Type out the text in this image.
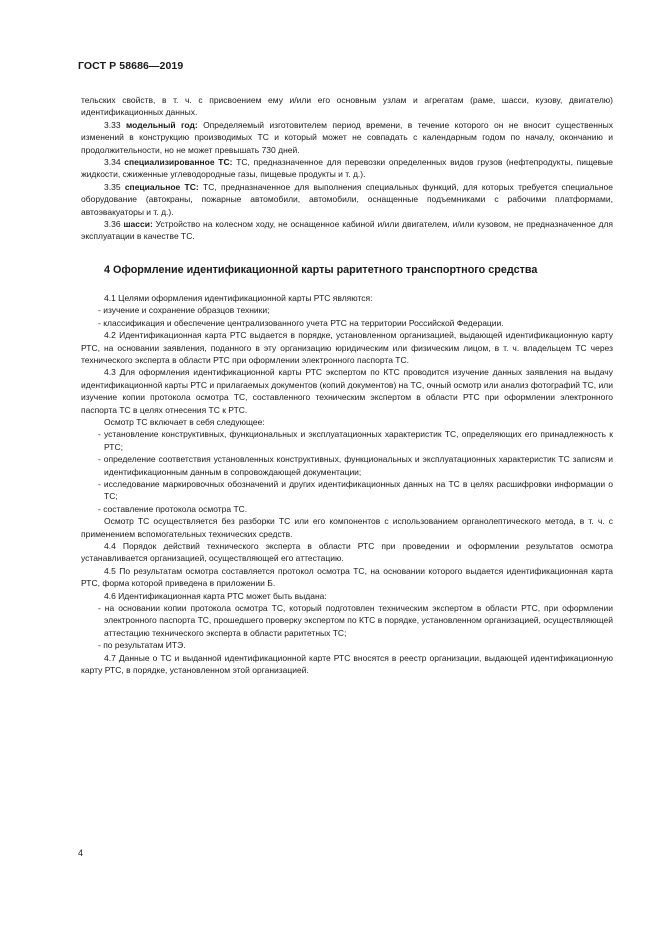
ГОСТ Р 58686—2019
тельских свойств, в т. ч. с присвоением ему и/или его основным узлам и агрегатам (раме, шасси, кузову, двигателю) идентификационных данных.
3.33 модельный год: Определяемый изготовителем период времени, в течение которого он не вносит существенных изменений в конструкцию производимых ТС и который может не совпадать с календарным годом по началу, окончанию и продолжительности, но не может превышать 730 дней.
3.34 специализированное ТС: ТС, предназначенное для перевозки определенных видов грузов (нефтепродукты, пищевые жидкости, сжиженные углеводородные газы, пищевые продукты и т. д.).
3.35 специальное ТС: ТС, предназначенное для выполнения специальных функций, для которых требуется специальное оборудование (автокраны, пожарные автомобили, автомобили, оснащенные подъемниками с рабочими платформами, автоэвакуаторы и т. д.).
3.36 шасси: Устройство на колесном ходу, не оснащенное кабиной и/или двигателем, и/или кузовом, не предназначенное для эксплуатации в качестве ТС.
4 Оформление идентификационной карты раритетного транспортного средства
4.1 Целями оформления идентификационной карты РТС являются:
- изучение и сохранение образцов техники;
- классификация и обеспечение централизованного учета РТС на территории Российской Федерации.
4.2 Идентификационная карта РТС выдается в порядке, установленном организацией, выдающей идентификационную карту РТС, на основании заявления, поданного в эту организацию юридическим или физическим лицом, в т. ч. владельцем ТС через технического эксперта в области РТС при оформлении электронного паспорта ТС.
4.3 Для оформления идентификационной карты РТС экспертом по КТС проводится изучение данных заявления на выдачу идентификационной карты РТС и прилагаемых документов (копий документов) на ТС, очный осмотр или анализ фотографий ТС, или изучение копии протокола осмотра ТС, составленного техническим экспертом в области РТС при оформлении электронного паспорта ТС в целях отнесения ТС к РТС.
Осмотр ТС включает в себя следующее:
- установление конструктивных, функциональных и эксплуатационных характеристик ТС, определяющих его принадлежность к РТС;
- определение соответствия установленных конструктивных, функциональных и эксплуатационных характеристик ТС записям и идентификационным данным в сопровождающей документации;
- исследование маркировочных обозначений и других идентификационных данных на ТС в целях расшифровки информации о ТС;
- составление протокола осмотра ТС.
Осмотр ТС осуществляется без разборки ТС или его компонентов с использованием органолептического метода, в т. ч. с применением вспомогательных технических средств.
4.4 Порядок действий технического эксперта в области РТС при проведении и оформлении результатов осмотра устанавливается организацией, осуществляющей его аттестацию.
4.5 По результатам осмотра составляется протокол осмотра ТС, на основании которого выдается идентификационная карта РТС, форма которой приведена в приложении Б.
4.6 Идентификационная карта РТС может быть выдана:
- на основании копии протокола осмотра ТС, который подготовлен техническим экспертом в области РТС, при оформлении электронного паспорта ТС, прошедшего проверку экспертом по КТС в порядке, установленном организацией, осуществляющей аттестацию технического эксперта в области раритетных ТС;
- по результатам ИТЭ.
4.7 Данные о ТС и выданной идентификационной карте РТС вносятся в реестр организации, выдающей идентификационную карту РТС, в порядке, установленном этой организацией.
4
